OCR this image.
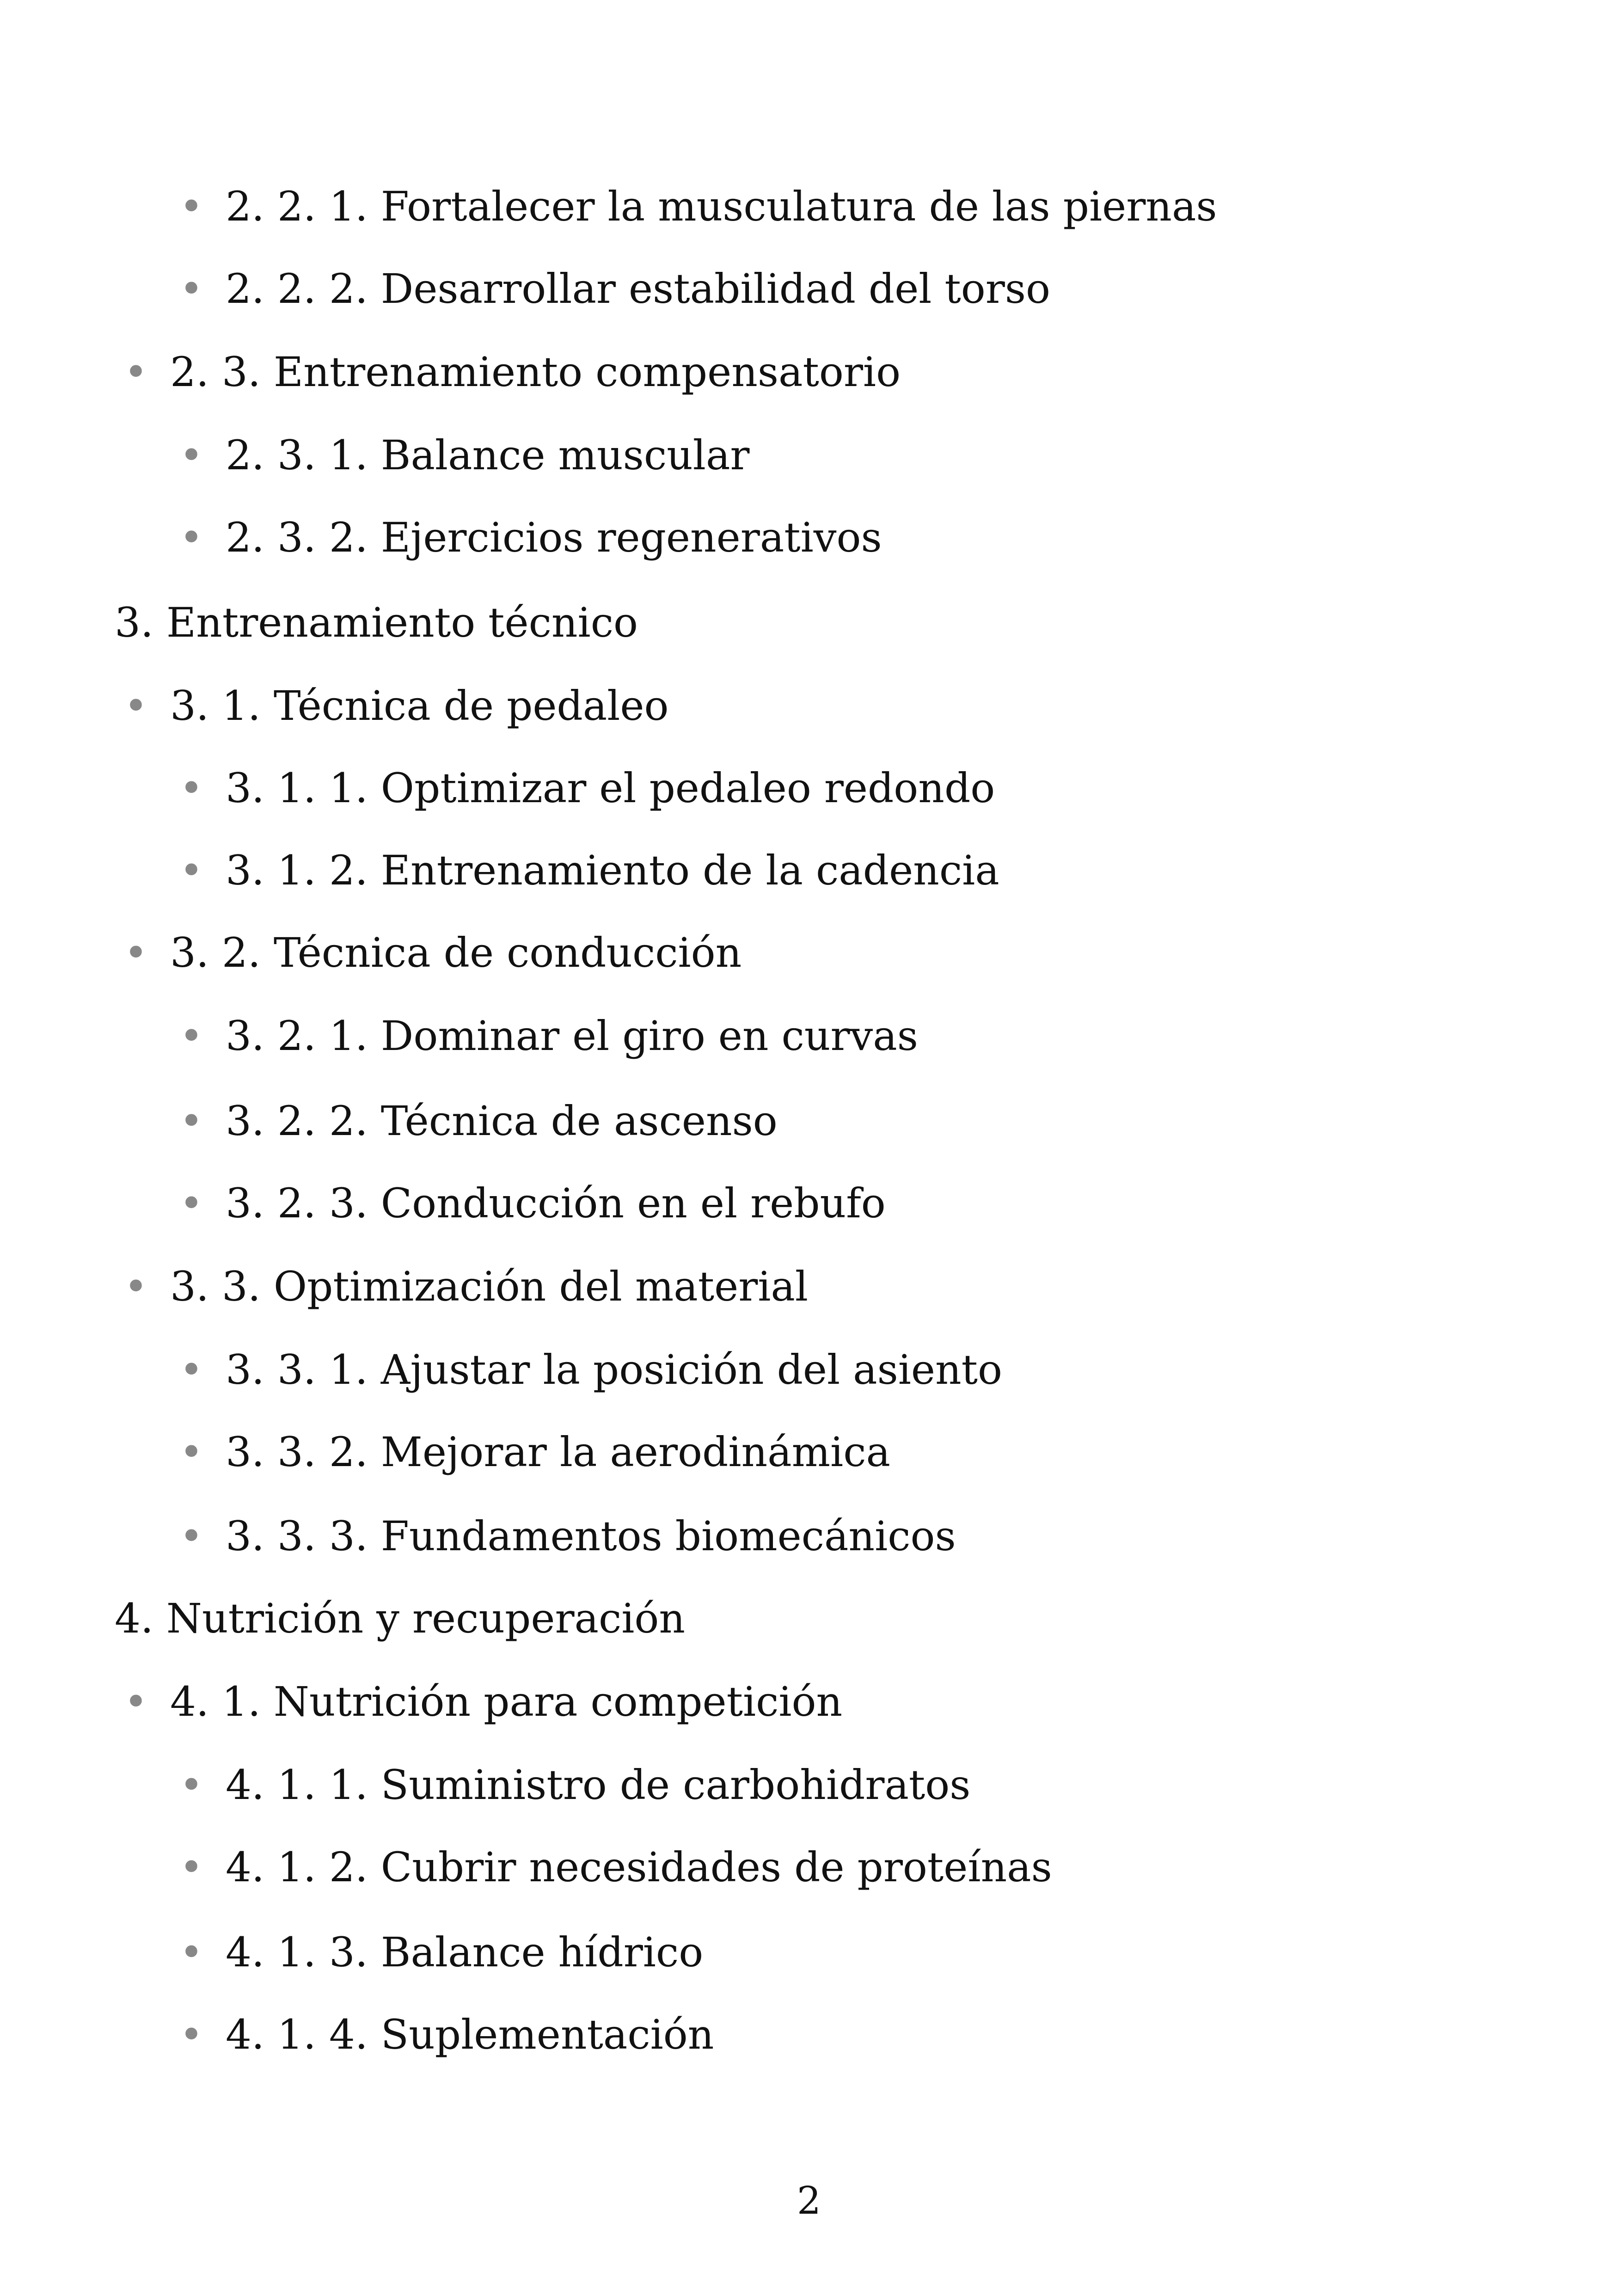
• 2. 2. 1. Fortalecer la musculatura de las piernas
• 2. 2. 2. Desarrollar estabilidad del torso
• 2. 3. Entrenamiento compensatorio
• 2. 3. 1. Balance muscular
• 2. 3. 2. Ejercicios regenerativos
3. Entrenamiento técnico
• 3. 1. Técnica de pedaleo
• 3. 1. 1. Optimizar el pedaleo redondo
• 3. 1. 2. Entrenamiento de la cadencia
• 3. 2. Técnica de conducción
• 3. 2. 1. Dominar el giro en curvas
• 3. 2. 2. Técnica de ascenso
• 3. 2. 3. Conducción en el rebufo
• 3. 3. Optimización del material
• 3. 3. 1. Ajustar la posición del asiento
• 3. 3. 2. Mejorar la aerodinámica
• 3. 3. 3. Fundamentos biomecánicos
4. Nutrición y recuperación
• 4. 1. Nutrición para competición
• 4. 1. 1. Suministro de carbohidratos
• 4. 1. 2. Cubrir necesidades de proteínas
• 4. 1. 3. Balance hídrico
• 4. 1. 4. Suplementación
2
